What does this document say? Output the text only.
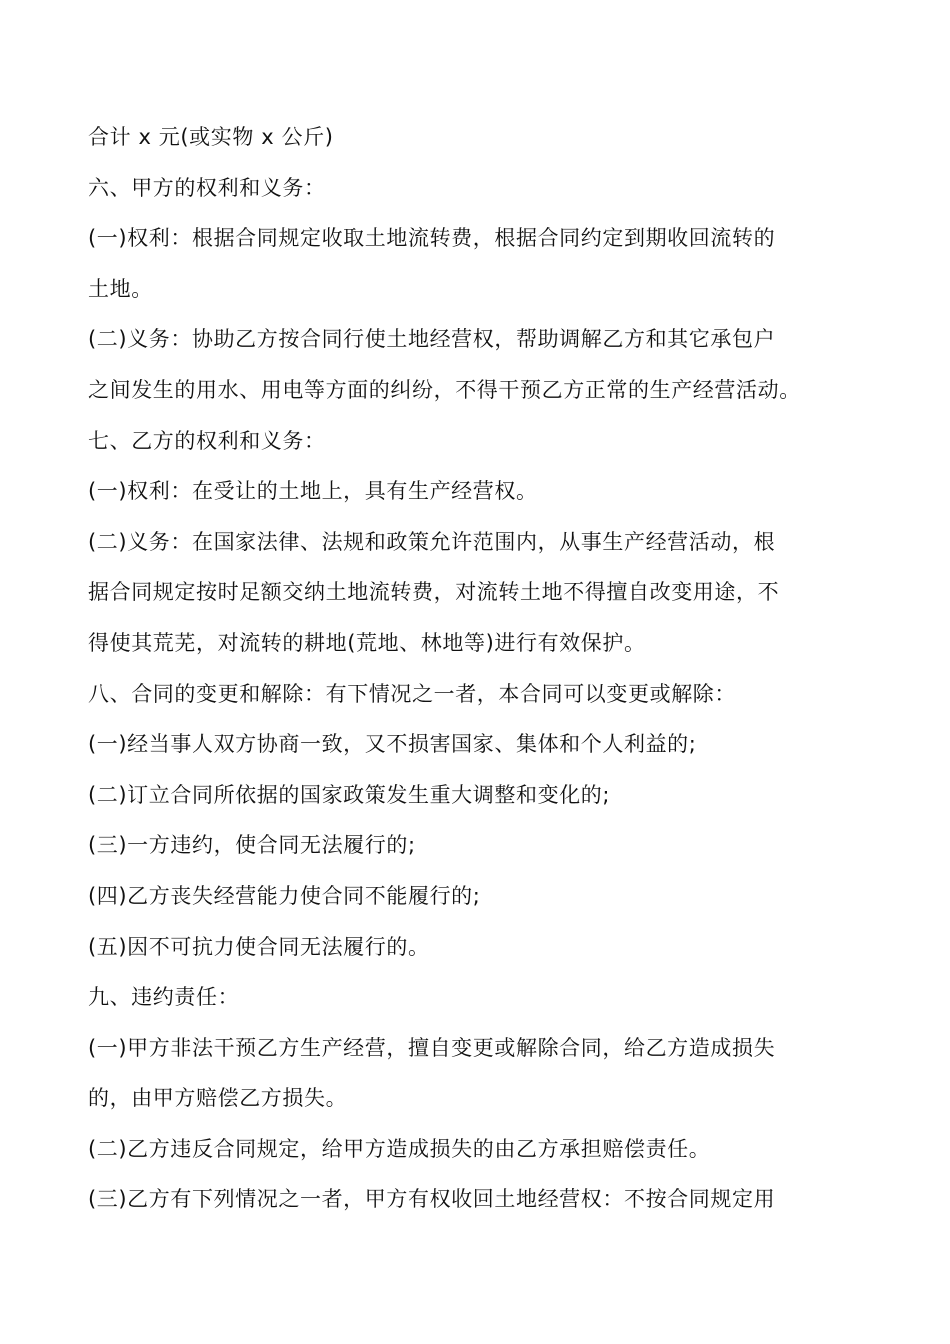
合计 x 元(或实物 x 公斤)
六、甲方的权利和义务：
(一)权利：根据合同规定收取土地流转费，根据合同约定到期收回流转的
土地。
(二)义务：协助乙方按合同行使土地经营权，帮助调解乙方和其它承包户
之间发生的用水、用电等方面的纠纷，不得干预乙方正常的生产经营活动。
七、乙方的权利和义务：
(一)权利：在受让的土地上，具有生产经营权。
(二)义务：在国家法律、法规和政策允许范围内，从事生产经营活动，根
据合同规定按时足额交纳土地流转费，对流转土地不得擅自改变用途，不
得使其荒芜，对流转的耕地(荒地、林地等)进行有效保护。
八、合同的变更和解除：有下情况之一者，本合同可以变更或解除：
(一)经当事人双方协商一致，又不损害国家、集体和个人利益的;
(二)订立合同所依据的国家政策发生重大调整和变化的;
(三)一方违约，使合同无法履行的;
(四)乙方丧失经营能力使合同不能履行的;
(五)因不可抗力使合同无法履行的。
九、违约责任：
(一)甲方非法干预乙方生产经营，擅自变更或解除合同，给乙方造成损失
的，由甲方赔偿乙方损失。
(二)乙方违反合同规定，给甲方造成损失的由乙方承担赔偿责任。
(三)乙方有下列情况之一者，甲方有权收回土地经营权：不按合同规定用
